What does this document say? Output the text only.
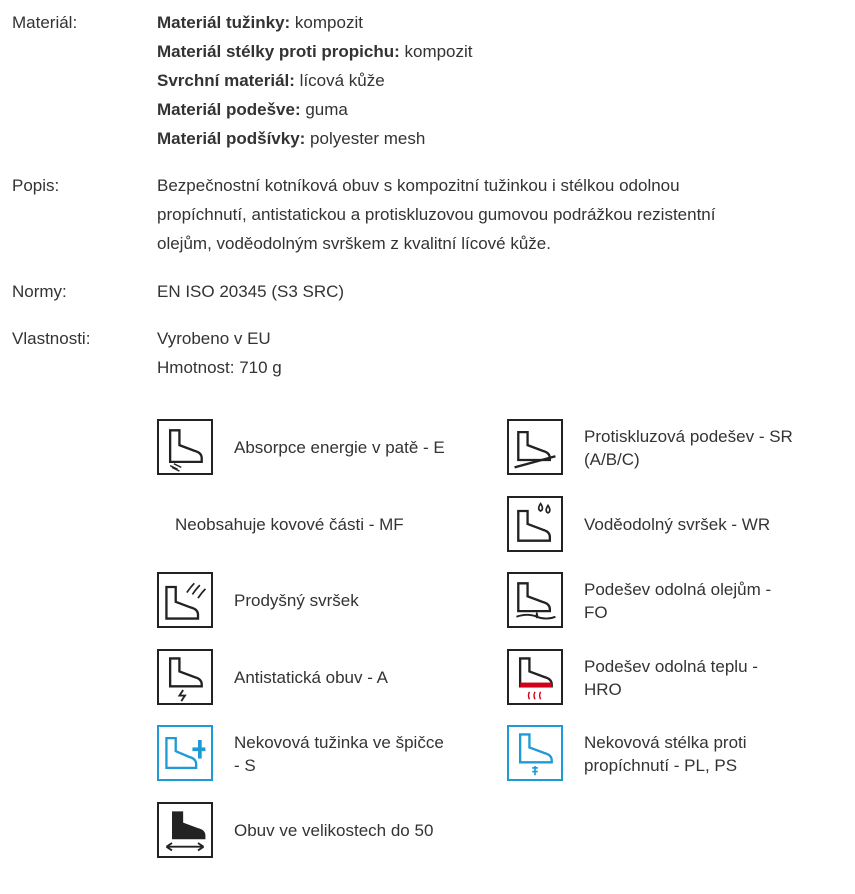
Materiál:	Materiál tužinky: kompozit
Materiál stélky proti propichu: kompozit
Svrchní materiál: lícová kůže
Materiál podešve: guma
Materiál podšívky: polyester mesh
Popis:	Bezpečnostní kotníková obuv s kompozitní tužinkou i stélkou odolnou
propíchnutí, antistatickou a protiskluzovou gumovou podrážkou rezistentní
olejům, voděodolným svrškem z kvalitní lícové kůže.
Normy:	EN ISO 20345 (S3 SRC)
Vlastnosti:	Vyrobeno v EU
Hmotnost: 710 g
Absorpce energie v patě - E
Protiskluzová podešev - SR
(A/B/C)
Neobsahuje kovové části - MF	Voděodolný svršek - WR
Prodyšný svršek
Podešev odolná olejům -
FO
Antistatická obuv - A
Podešev odolná teplu -
HRO
Nekovová tužinka ve špičce
- S
Nekovová stélka proti
propíchnutí - PL, PS
Obuv ve velikostech do 50
